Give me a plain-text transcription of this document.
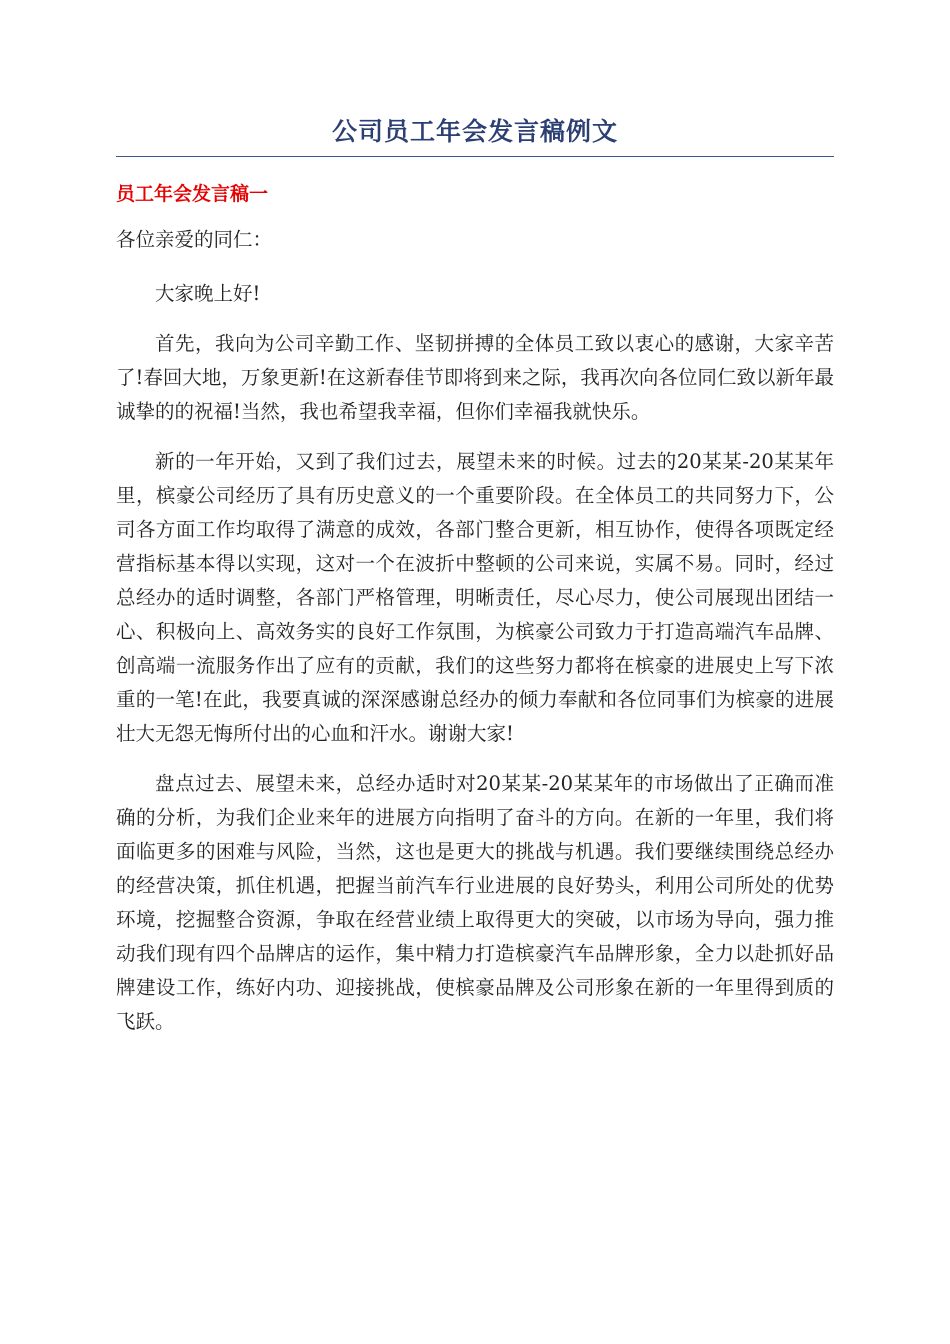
公司员工年会发言稿例文
员工年会发言稿一

各位亲爱的同仁：

大家晚上好!

首先，我向为公司辛勤工作、坚韧拼搏的全体员工致以衷心的感谢，大家辛苦了!春回大地，万象更新!在这新春佳节即将到来之际，我再次向各位同仁致以新年最诚挚的的祝福!当然，我也希望我幸福，但你们幸福我就快乐。

新的一年开始，又到了我们过去，展望未来的时候。过去的20某某-20某某年里，槟豪公司经历了具有历史意义的一个重要阶段。在全体员工的共同努力下，公司各方面工作均取得了满意的成效，各部门整合更新，相互协作，使得各项既定经营指标基本得以实现，这对一个在波折中整顿的公司来说，实属不易。同时，经过总经办的适时调整，各部门严格管理，明晰责任，尽心尽力，使公司展现出团结一心、积极向上、高效务实的良好工作氛围，为槟豪公司致力于打造高端汽车品牌、创高端一流服务作出了应有的贡献，我们的这些努力都将在槟豪的进展史上写下浓重的一笔!在此，我要真诚的深深感谢总经办的倾力奉献和各位同事们为槟豪的进展壮大无怨无悔所付出的心血和汗水。谢谢大家!

盘点过去、展望未来，总经办适时对20某某-20某某年的市场做出了正确而准确的分析，为我们企业来年的进展方向指明了奋斗的方向。在新的一年里，我们将面临更多的困难与风险，当然，这也是更大的挑战与机遇。我们要继续围绕总经办的经营决策，抓住机遇，把握当前汽车行业进展的良好势头，利用公司所处的优势环境，挖掘整合资源，争取在经营业绩上取得更大的突破，以市场为导向，强力推动我们现有四个品牌店的运作，集中精力打造槟豪汽车品牌形象，全力以赴抓好品牌建设工作，练好内功、迎接挑战，使槟豪品牌及公司形象在新的一年里得到质的飞跃。
